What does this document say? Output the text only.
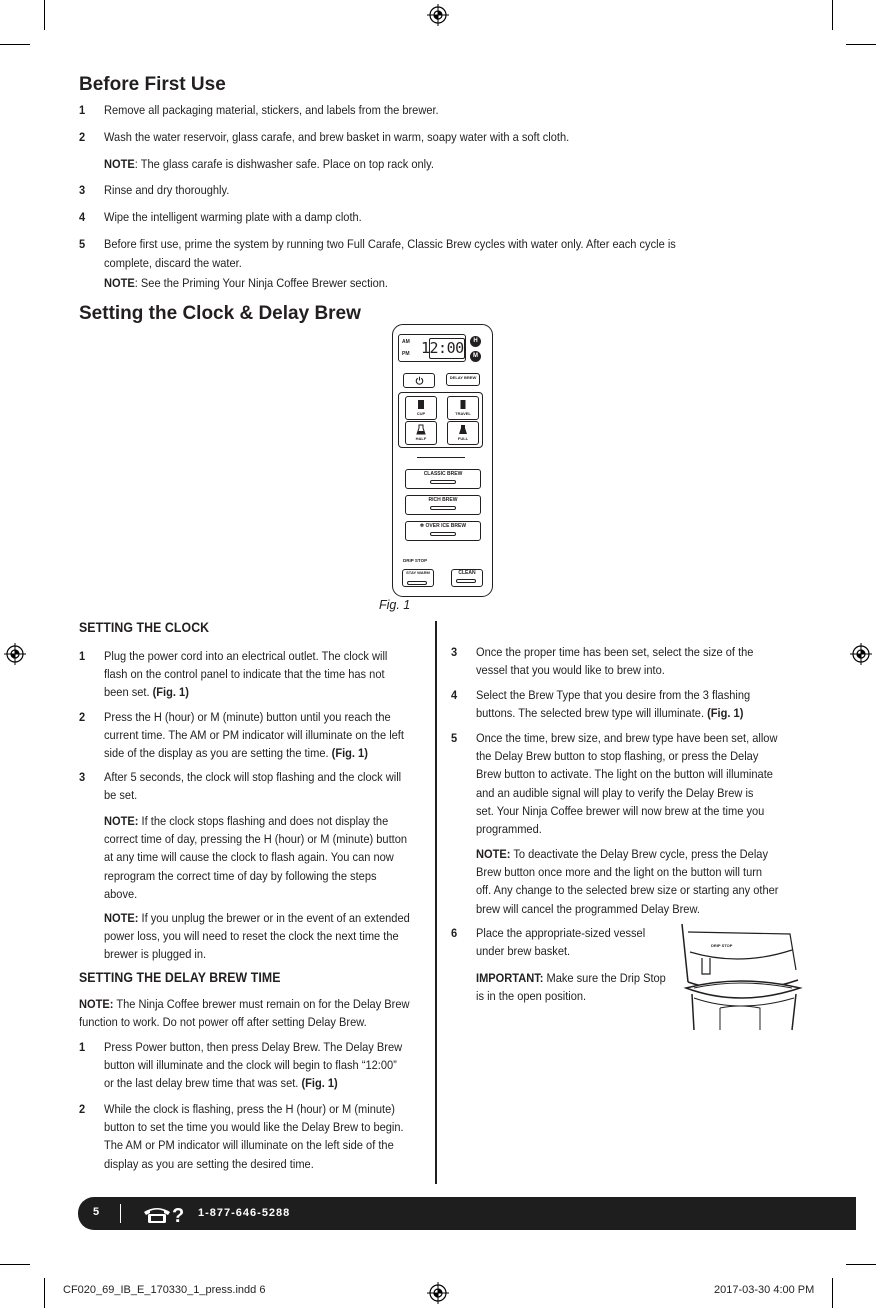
Before First Use
1 Remove all packaging material, stickers, and labels from the brewer.
2 Wash the water reservoir, glass carafe, and brew basket in warm, soapy water with a soft cloth.
NOTE: The glass carafe is dishwasher safe. Place on top rack only.
3 Rinse and dry thoroughly.
4 Wipe the intelligent warming plate with a damp cloth.
5 Before first use, prime the system by running two Full Carafe, Classic Brew cycles with water only. After each cycle is
complete, discard the water.
NOTE: See the Priming Your Ninja Coffee Brewer section.
Setting the Clock & Delay Brew
AM
PM 12:00	H
M
DELAY BREW
CUP	TRAVEL
HALF	FULL
CLASSIC BREW
RICH BREW
❄ OVER ICE BREW
DRIP STOP
STAY WARM	CLEAN
Fig. 1
SETTING THE CLOCK
1 Plug the power cord into an electrical outlet. The clock will
flash on the control panel to indicate that the time has not
been set. (Fig. 1)
2 Press the H (hour) or M (minute) button until you reach the
current time. The AM or PM indicator will illuminate on the left
side of the display as you are setting the time. (Fig. 1)
3 After 5 seconds, the clock will stop flashing and the clock will
be set.
NOTE: If the clock stops flashing and does not display the
correct time of day, pressing the H (hour) or M (minute) button
at any time will cause the clock to flash again. You can now
reprogram the correct time of day by following the steps
above.
NOTE: If you unplug the brewer or in the event of an extended
power loss, you will need to reset the clock the next time the
brewer is plugged in.
SETTING THE DELAY BREW TIME
NOTE: The Ninja Coffee brewer must remain on for the Delay Brew
function to work. Do not power off after setting Delay Brew.
1 Press Power button, then press Delay Brew. The Delay Brew
button will illuminate and the clock will begin to flash “12:00”
or the last delay brew time that was set. (Fig. 1)
2 While the clock is flashing, press the H (hour) or M (minute)
button to set the time you would like the Delay Brew to begin.
The AM or PM indicator will illuminate on the left side of the
display as you are setting the desired time.
3 Once the proper time has been set, select the size of the
vessel that you would like to brew into.
4 Select the Brew Type that you desire from the 3 flashing
buttons. The selected brew type will illuminate. (Fig. 1)
5 Once the time, brew size, and brew type have been set, allow
the Delay Brew button to stop flashing, or press the Delay
Brew button to activate. The light on the button will illuminate
and an audible signal will play to verify the Delay Brew is
set. Your Ninja Coffee brewer will now brew at the time you
programmed.
NOTE: To deactivate the Delay Brew cycle, press the Delay
Brew button once more and the light on the button will turn
off. Any change to the selected brew size or starting any other
brew will cancel the programmed Delay Brew.
6 Place the appropriate-sized vessel
under brew basket.
IMPORTANT: Make sure the Drip Stop
is in the open position.
DRIP STOP
5	? 1-877-646-5288
CF020_69_IB_E_170330_1_press.indd 6	2017-03-30 4:00 PM
